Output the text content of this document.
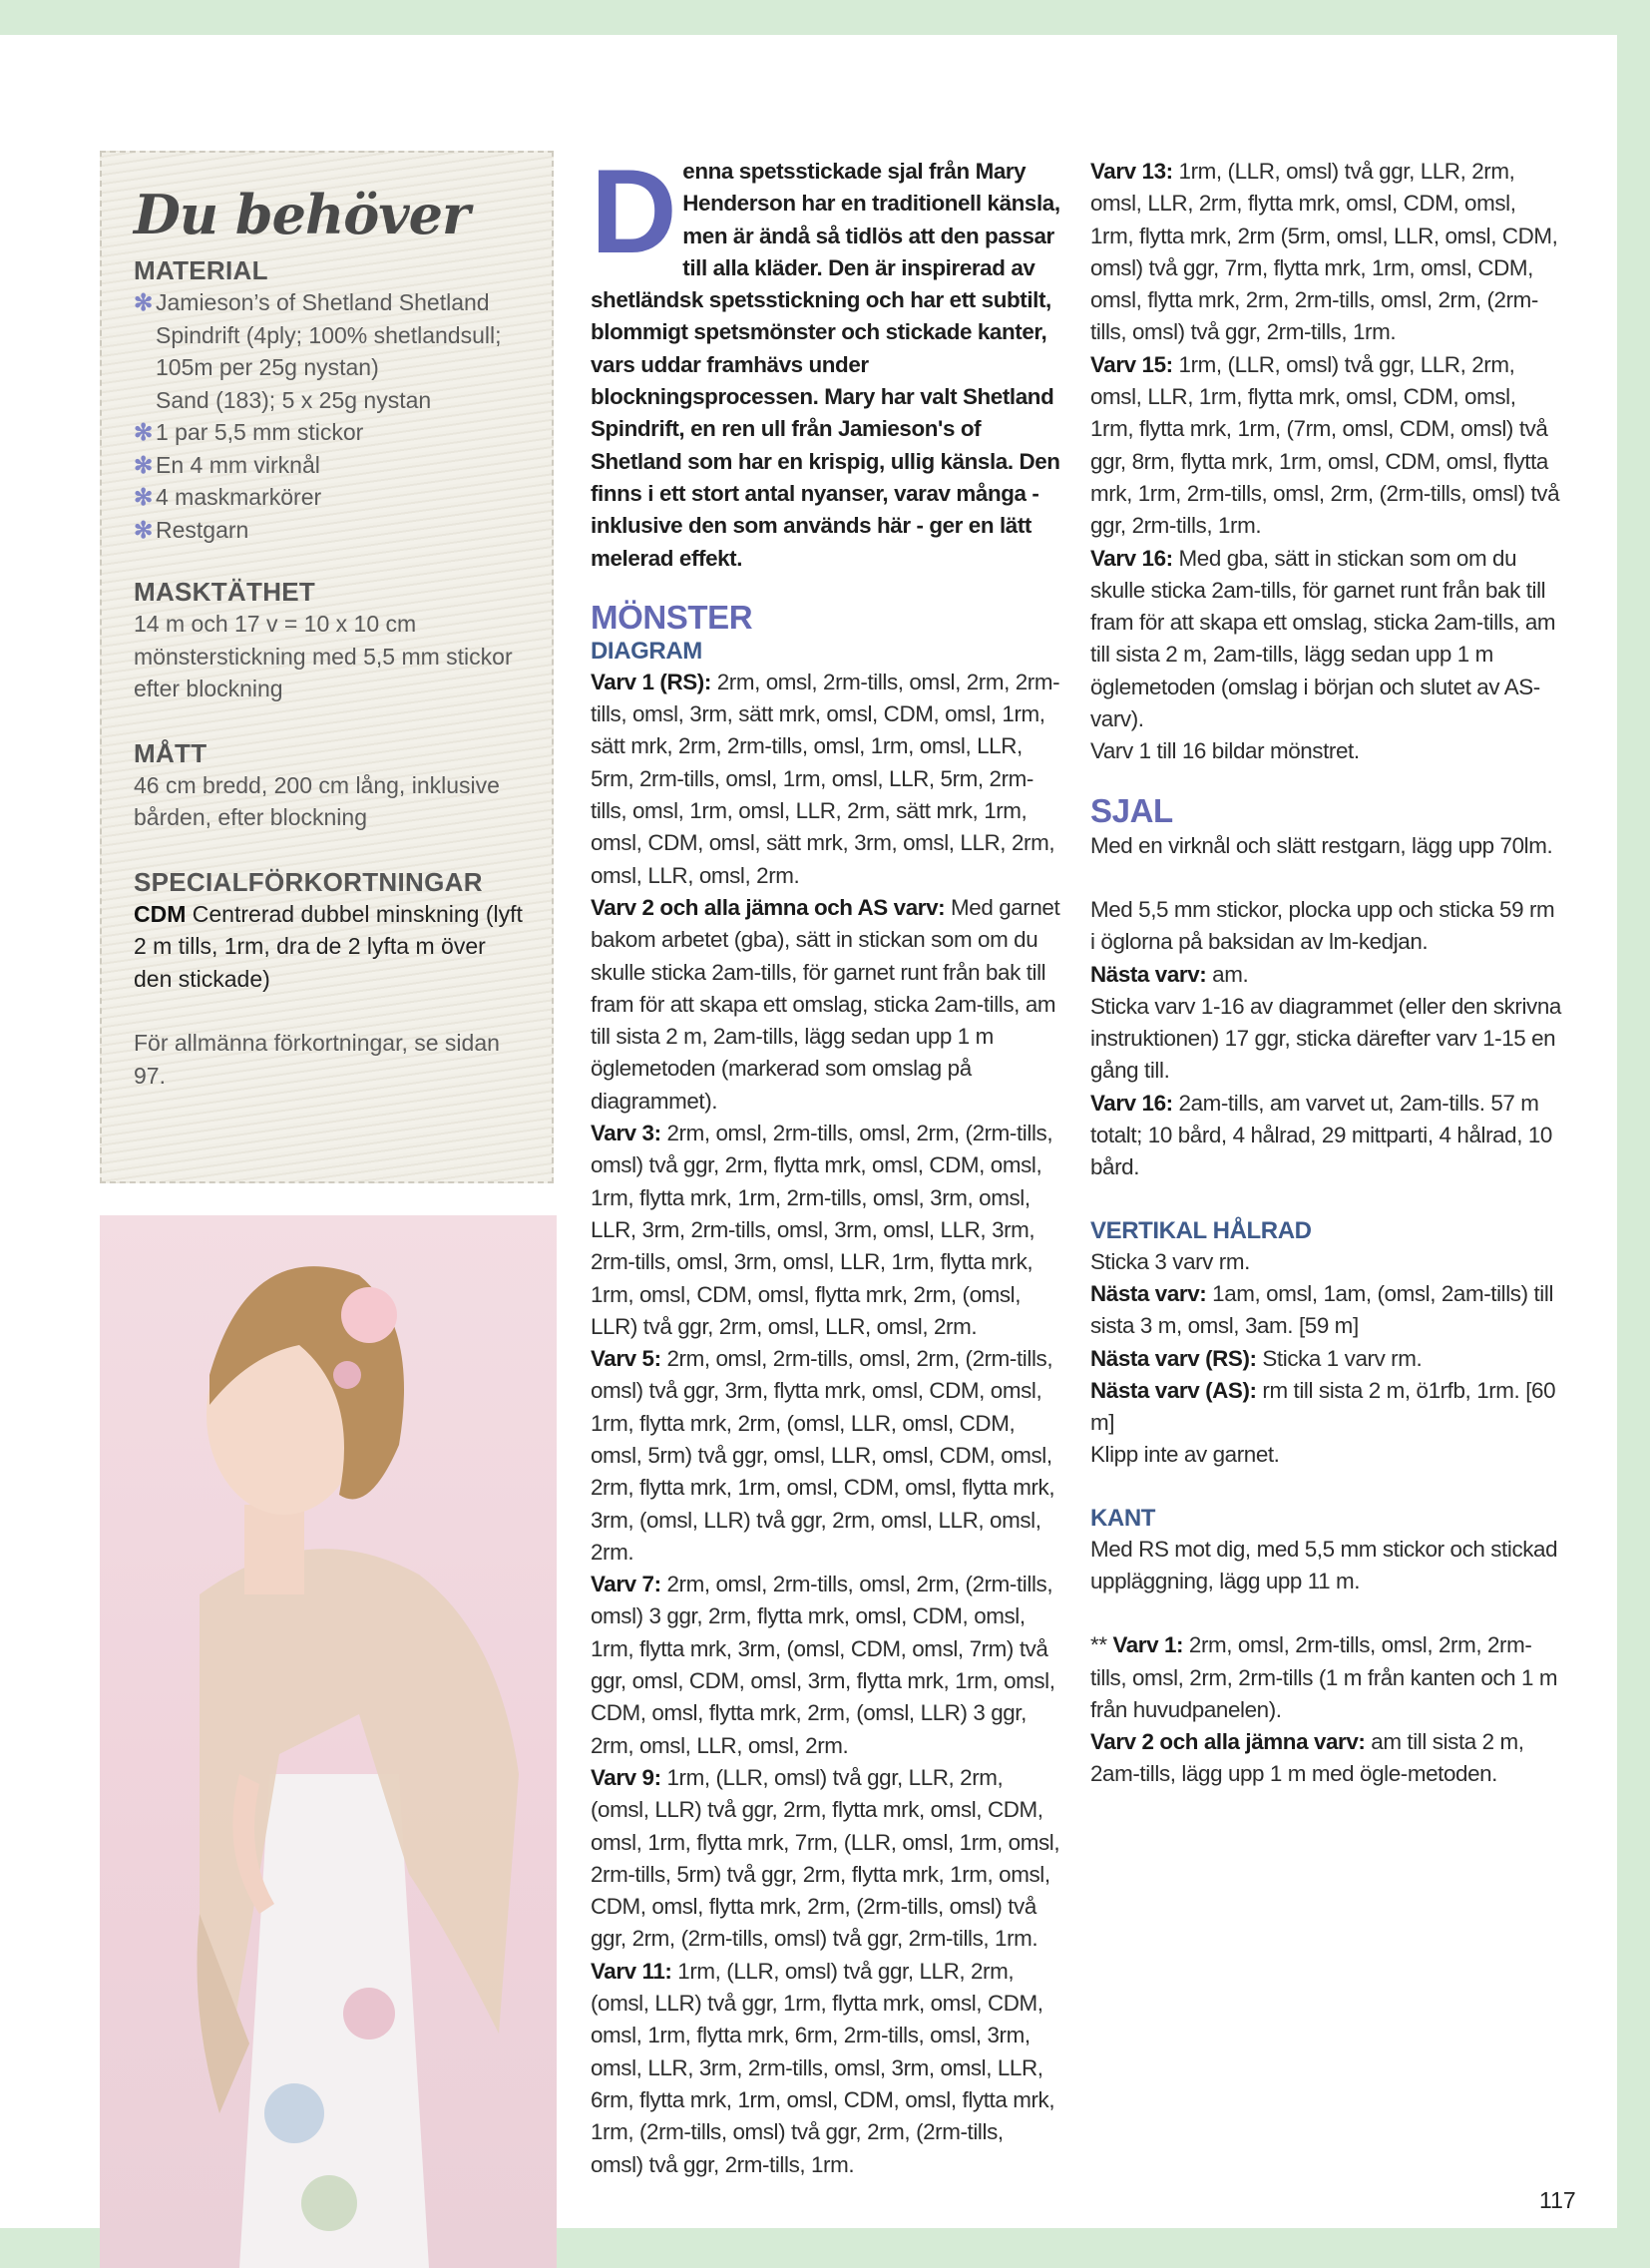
Du behöver
MATERIAL
✻ Jamieson’s of Shetland Shetland Spindrift (4ply; 100% shetlandsull; 105m per 25g nystan)
Sand (183); 5 x 25g nystan
✻ 1 par 5,5 mm stickor
✻ En 4 mm virknål
✻ 4 maskmarkörer
✻ Restgarn
MASKTÄTHET

14 m och 17 v = 10 x 10 cm mönsterstickning med 5,5 mm stickor efter blockning

MÅTT

46 cm bredd, 200 cm lång, inklusive bården, efter blockning

SPECIALFÖRKORTNINGAR

CDM Centrerad dubbel minskning (lyft 2 m tills, 1rm, dra de 2 lyfta m över den stickade)

För allmänna förkortningar, se sidan 97.

Denna spetsstickade sjal från Mary Henderson har en traditionell känsla, men är ändå så tidlös att den passar till alla kläder. Den är inspirerad av shetländsk spetsstickning och har ett subtilt, blommigt spetsmönster och stickade kanter, vars uddar framhävs under blockningsprocessen. Mary har valt Shetland Spindrift, en ren ull från Jamieson's of Shetland som har en krispig, ullig känsla. Den finns i ett stort antal nyanser, varav många - inklusive den som används här - ger en lätt melerad effekt.

MÖNSTER
DIAGRAM

Varv 1 (RS): 2rm, omsl, 2rm-tills, omsl, 2rm, 2rm-tills, omsl, 3rm, sätt mrk, omsl, CDM, omsl, 1rm, sätt mrk, 2rm, 2rm-tills, omsl, 1rm, omsl, LLR, 5rm, 2rm-tills, omsl, 1rm, omsl, LLR, 5rm, 2rm-tills, omsl, 1rm, omsl, LLR, 2rm, sätt mrk, 1rm, omsl, CDM, omsl, sätt mrk, 3rm, omsl, LLR, 2rm, omsl, LLR, omsl, 2rm.

Varv 2 och alla jämna och AS varv: Med garnet bakom arbetet (gba), sätt in stickan som om du skulle sticka 2am-tills, för garnet runt från bak till fram för att skapa ett omslag, sticka 2am-tills, am till sista 2 m, 2am-tills, lägg sedan upp 1 m öglemetoden (markerad som omslag på diagrammet).

Varv 3: 2rm, omsl, 2rm-tills, omsl, 2rm, (2rm-tills, omsl) två ggr, 2rm, flytta mrk, omsl, CDM, omsl, 1rm, flytta mrk, 1rm, 2rm-tills, omsl, 3rm, omsl, LLR, 3rm, 2rm-tills, omsl, 3rm, omsl, LLR, 3rm, 2rm-tills, omsl, 3rm, omsl, LLR, 1rm, flytta mrk, 1rm, omsl, CDM, omsl, flytta mrk, 2rm, (omsl, LLR) två ggr, 2rm, omsl, LLR, omsl, 2rm.

Varv 5: 2rm, omsl, 2rm-tills, omsl, 2rm, (2rm-tills, omsl) två ggr, 3rm, flytta mrk, omsl, CDM, omsl, 1rm, flytta mrk, 2rm, (omsl, LLR, omsl, CDM, omsl, 5rm) två ggr, omsl, LLR, omsl, CDM, omsl, 2rm, flytta mrk, 1rm, omsl, CDM, omsl, flytta mrk, 3rm, (omsl, LLR) två ggr, 2rm, omsl, LLR, omsl, 2rm.

Varv 7: 2rm, omsl, 2rm-tills, omsl, 2rm, (2rm-tills, omsl) 3 ggr, 2rm, flytta mrk, omsl, CDM, omsl, 1rm, flytta mrk, 3rm, (omsl, CDM, omsl, 7rm) två ggr, omsl, CDM, omsl, 3rm, flytta mrk, 1rm, omsl, CDM, omsl, flytta mrk, 2rm, (omsl, LLR) 3 ggr, 2rm, omsl, LLR, omsl, 2rm.

Varv 9: 1rm, (LLR, omsl) två ggr, LLR, 2rm, (omsl, LLR) två ggr, 2rm, flytta mrk, omsl, CDM, omsl, 1rm, flytta mrk, 7rm, (LLR, omsl, 1rm, omsl, 2rm-tills, 5rm) två ggr, 2rm, flytta mrk, 1rm, omsl, CDM, omsl, flytta mrk, 2rm, (2rm-tills, omsl) två ggr, 2rm, (2rm-tills, omsl) två ggr, 2rm-tills, 1rm.

Varv 11: 1rm, (LLR, omsl) två ggr, LLR, 2rm, (omsl, LLR) två ggr, 1rm, flytta mrk, omsl, CDM, omsl, 1rm, flytta mrk, 6rm, 2rm-tills, omsl, 3rm, omsl, LLR, 3rm, 2rm-tills, omsl, 3rm, omsl, LLR, 6rm, flytta mrk, 1rm, omsl, CDM, omsl, flytta mrk, 1rm, (2rm-tills, omsl) två ggr, 2rm, (2rm-tills, omsl) två ggr, 2rm-tills, 1rm.

Varv 13: 1rm, (LLR, omsl) två ggr, LLR, 2rm, omsl, LLR, 2rm, flytta mrk, omsl, CDM, omsl, 1rm, flytta mrk, 2rm (5rm, omsl, LLR, omsl, CDM, omsl) två ggr, 7rm, flytta mrk, 1rm, omsl, CDM, omsl, flytta mrk, 2rm, 2rm-tills, omsl, 2rm, (2rm-tills, omsl) två ggr, 2rm-tills, 1rm.

Varv 15: 1rm, (LLR, omsl) två ggr, LLR, 2rm, omsl, LLR, 1rm, flytta mrk, omsl, CDM, omsl, 1rm, flytta mrk, 1rm, (7rm, omsl, CDM, omsl) två ggr, 8rm, flytta mrk, 1rm, omsl, CDM, omsl, flytta mrk, 1rm, 2rm-tills, omsl, 2rm, (2rm-tills, omsl) två ggr, 2rm-tills, 1rm.

Varv 16: Med gba, sätt in stickan som om du skulle sticka 2am-tills, för garnet runt från bak till fram för att skapa ett omslag, sticka 2am-tills, am till sista 2 m, 2am-tills, lägg sedan upp 1 m öglemetoden (omslag i början och slutet av AS-varv).

Varv 1 till 16 bildar mönstret.

SJAL

Med en virknål och slätt restgarn, lägg upp 70lm.

Med 5,5 mm stickor, plocka upp och sticka 59 rm i öglorna på baksidan av lm-kedjan.

Nästa varv: am.

Sticka varv 1-16 av diagrammet (eller den skrivna instruktionen) 17 ggr, sticka därefter varv 1-15 en gång till.

Varv 16: 2am-tills, am varvet ut, 2am-tills. 57 m totalt; 10 bård, 4 hålrad, 29 mittparti, 4 hålrad, 10 bård.

VERTIKAL HÅLRAD

Sticka 3 varv rm.

Nästa varv: 1am, omsl, 1am, (omsl, 2am-tills) till sista 3 m, omsl, 3am. [59 m]

Nästa varv (RS): Sticka 1 varv rm.

Nästa varv (AS): rm till sista 2 m, ö1rfb, 1rm. [60 m]

Klipp inte av garnet.

KANT

Med RS mot dig, med 5,5 mm stickor och stickad uppläggning, lägg upp 11 m.

** Varv 1: 2rm, omsl, 2rm-tills, omsl, 2rm, 2rm-tills, omsl, 2rm, 2rm-tills (1 m från kanten och 1 m från huvudpanelen).

Varv 2 och alla jämna varv: am till sista 2 m, 2am-tills, lägg upp 1 m med ögle-metoden.

117
